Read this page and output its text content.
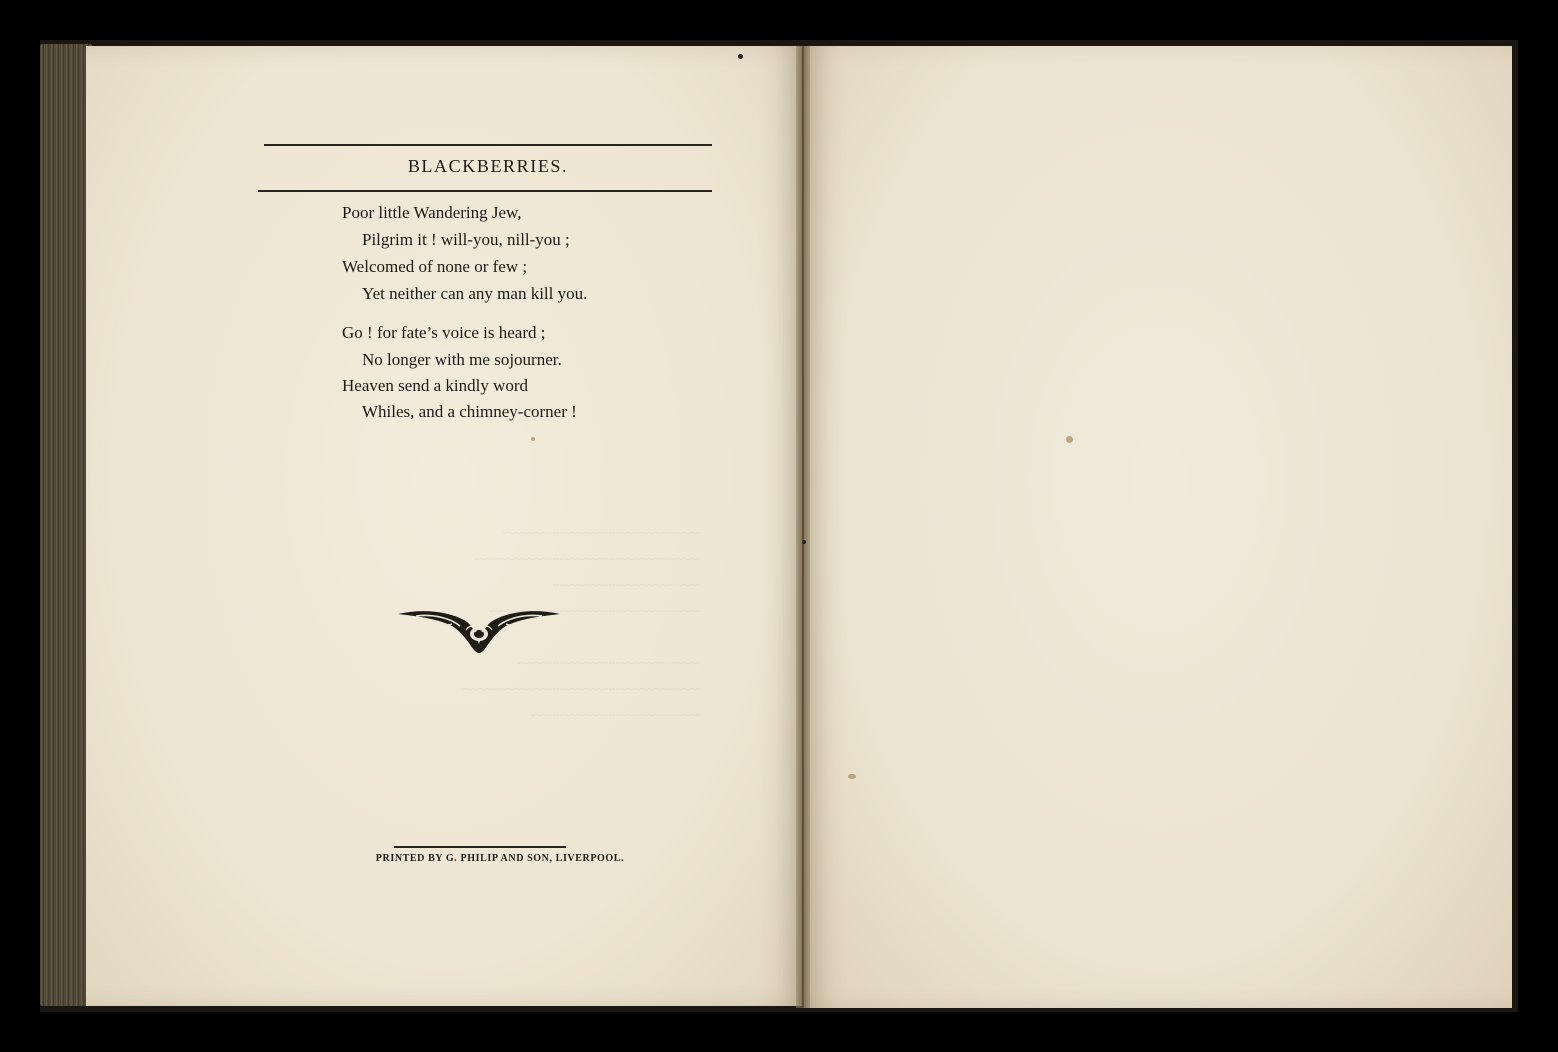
BLACKBERRIES.
Poor little Wandering Jew,
Pilgrim it ! will-you, nill-you ;
Welcomed of none or few ;
Yet neither can any man kill you.
Go ! for fate’s voice is heard ;
No longer with me sojourner.
Heaven send a kindly word
Whiles, and a chimney-corner !
PRINTED BY G. PHILIP AND SON, LIVERPOOL.
